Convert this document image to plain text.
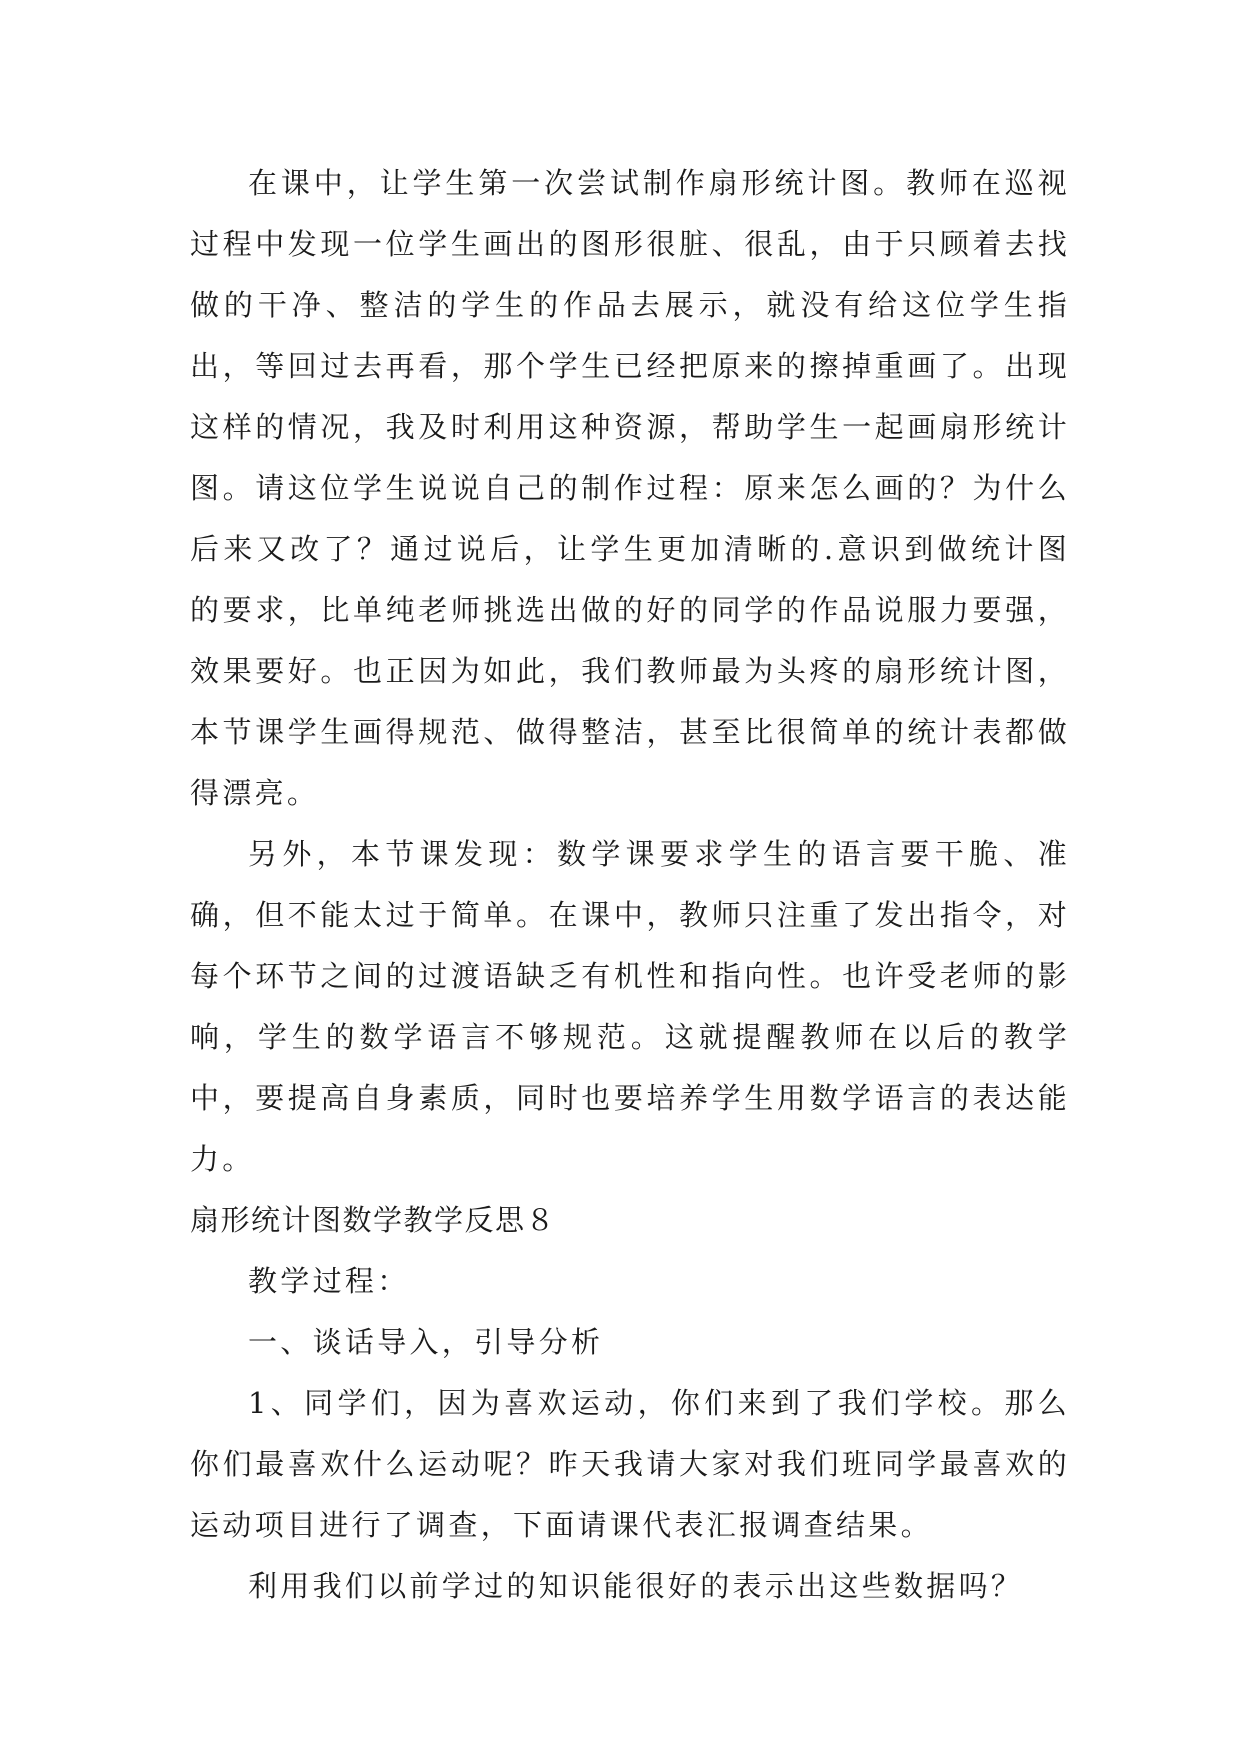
在课中，让学生第一次尝试制作扇形统计图。教师在巡视过程中发现一位学生画出的图形很脏、很乱，由于只顾着去找做的干净、整洁的学生的作品去展示，就没有给这位学生指出，等回过去再看，那个学生已经把原来的擦掉重画了。出现这样的情况，我及时利用这种资源，帮助学生一起画扇形统计图。请这位学生说说自己的制作过程：原来怎么画的？为什么后来又改了？通过说后，让学生更加清晰的.意识到做统计图的要求，比单纯老师挑选出做的好的同学的作品说服力要强，效果要好。也正因为如此，我们教师最为头疼的扇形统计图，本节课学生画得规范、做得整洁，甚至比很简单的统计表都做得漂亮。

另外，本节课发现：数学课要求学生的语言要干脆、准确，但不能太过于简单。在课中，教师只注重了发出指令，对每个环节之间的过渡语缺乏有机性和指向性。也许受老师的影响，学生的数学语言不够规范。这就提醒教师在以后的教学中，要提高自身素质，同时也要培养学生用数学语言的表达能力。

扇形统计图数学教学反思８

教学过程：

一、谈话导入，引导分析

1、同学们，因为喜欢运动，你们来到了我们学校。那么你们最喜欢什么运动呢？昨天我请大家对我们班同学最喜欢的运动项目进行了调查，下面请课代表汇报调查结果。

利用我们以前学过的知识能很好的表示出这些数据吗？
